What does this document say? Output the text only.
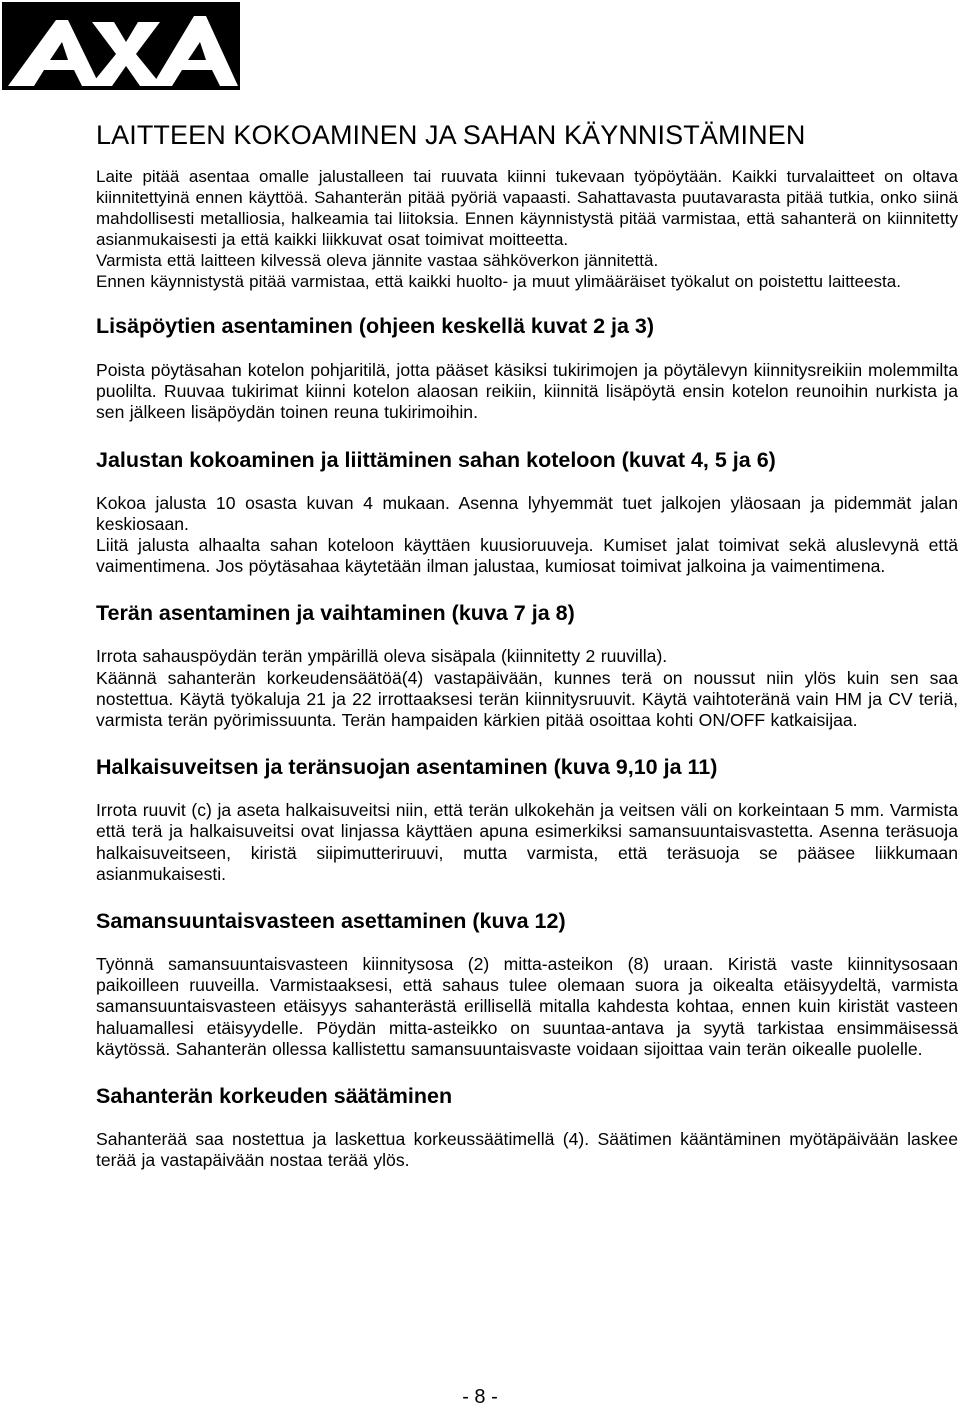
LAITTEEN KOKOAMINEN JA SAHAN KÄYNNISTÄMINEN

Laite pitää asentaa omalle jalustalleen tai ruuvata kiinni tukevaan työpöytään. Kaikki turvalaitteet on oltava kiinnitettyinä ennen käyttöä. Sahanterän pitää pyöriä vapaasti. Sahattavasta puutavarasta pitää tutkia, onko siinä mahdollisesti metalliosia, halkeamia tai liitoksia. Ennen käynnistystä pitää varmistaa, että sahanterä on kiinnitetty asianmukaisesti ja että kaikki liikkuvat osat toimivat moitteetta.

Varmista että laitteen kilvessä oleva jännite vastaa sähköverkon jännitettä.

Ennen käynnistystä pitää varmistaa, että kaikki huolto- ja muut ylimääräiset työkalut on poistettu laitteesta.

Lisäpöytien asentaminen (ohjeen keskellä kuvat 2 ja 3)

Poista pöytäsahan kotelon pohjaritilä, jotta pääset käsiksi tukirimojen ja pöytälevyn kiinnitysreikiin molemmilta puolilta. Ruuvaa tukirimat kiinni kotelon alaosan reikiin, kiinnitä lisäpöytä ensin kotelon reunoihin nurkista ja sen jälkeen lisäpöydän toinen reuna tukirimoihin.

Jalustan kokoaminen ja liittäminen sahan koteloon (kuvat 4, 5 ja 6)

Kokoa jalusta 10 osasta kuvan 4 mukaan. Asenna lyhyemmät tuet jalkojen yläosaan ja pidemmät jalan keskiosaan.

Liitä jalusta alhaalta sahan koteloon käyttäen kuusioruuveja. Kumiset jalat toimivat sekä aluslevynä että vaimentimena. Jos pöytäsahaa käytetään ilman jalustaa, kumiosat toimivat jalkoina ja vaimentimena.

Terän asentaminen ja vaihtaminen (kuva 7 ja 8)

Irrota sahauspöydän terän ympärillä oleva sisäpala (kiinnitetty 2 ruuvilla).

Käännä sahanterän korkeudensäätöä(4) vastapäivään, kunnes terä on noussut niin ylös kuin sen saa nostettua. Käytä työkaluja 21 ja 22 irrottaaksesi terän kiinnitysruuvit. Käytä vaihtoteränä vain HM ja CV teriä, varmista terän pyörimissuunta. Terän hampaiden kärkien pitää osoittaa kohti ON/OFF katkaisijaa.

Halkaisuveitsen ja teränsuojan asentaminen (kuva 9,10 ja 11)

Irrota ruuvit (c) ja aseta halkaisuveitsi niin, että terän ulkokehän ja veitsen väli on korkeintaan 5 mm. Varmista että terä ja halkaisuveitsi ovat linjassa käyttäen apuna esimerkiksi samansuuntaisvastetta. Asenna teräsuoja halkaisuveitseen, kiristä siipimutteriruuvi, mutta varmista, että teräsuoja se pääsee liikkumaan asianmukaisesti.

Samansuuntaisvasteen asettaminen (kuva 12)

Työnnä samansuuntaisvasteen kiinnitysosa (2) mitta-asteikon (8) uraan. Kiristä vaste kiinnitysosaan paikoilleen ruuveilla. Varmistaaksesi, että sahaus tulee olemaan suora ja oikealta etäisyydeltä, varmista samansuuntaisvasteen etäisyys sahanterästä erillisellä mitalla kahdesta kohtaa, ennen kuin kiristät vasteen haluamallesi etäisyydelle. Pöydän mitta-asteikko on suuntaa-antava ja syytä tarkistaa ensimmäisessä käytössä. Sahanterän ollessa kallistettu samansuuntaisvaste voidaan sijoittaa vain terän oikealle puolelle.

Sahanterän korkeuden säätäminen

Sahanterää saa nostettua ja laskettua korkeussäätimellä (4). Säätimen kääntäminen myötäpäivään laskee terää ja vastapäivään nostaa terää ylös.

- 8 -
